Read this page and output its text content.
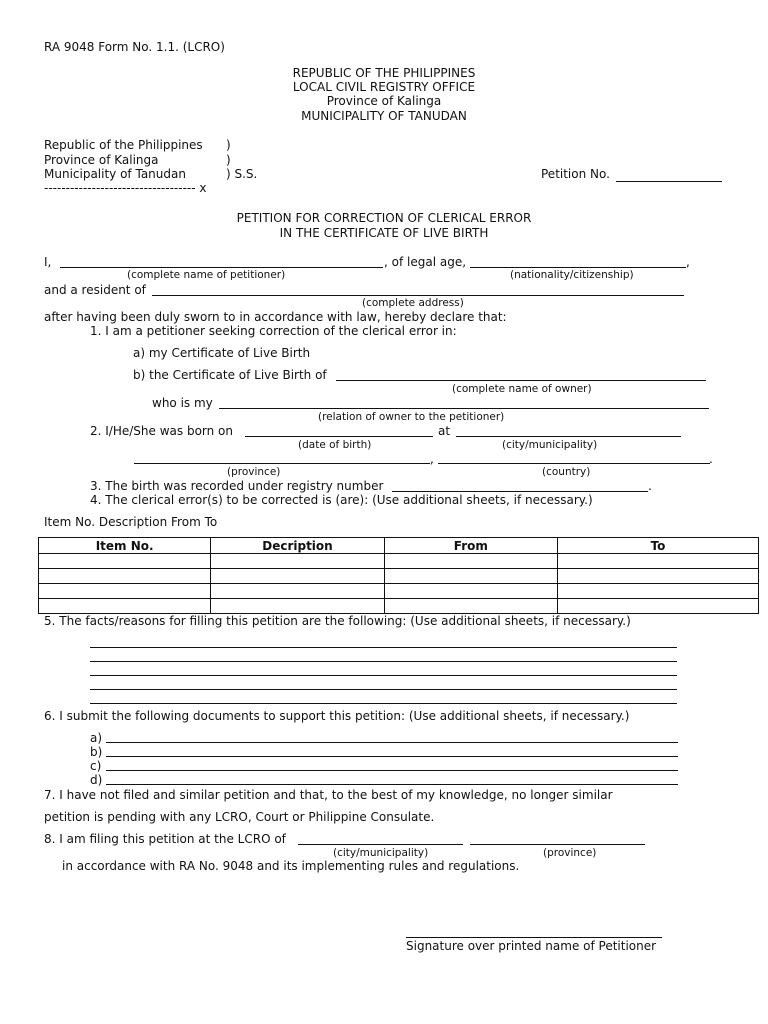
RA 9048 Form No. 1.1. (LCRO)
REPUBLIC OF THE PHILIPPINES
LOCAL CIVIL REGISTRY OFFICE
Province of Kalinga
MUNICIPALITY OF TANUDAN
Republic of the Philippines )
Province of Kalinga	)
Municipality of Tanudan	) S.S.
----------------------------------- x
Petition No.
PETITION FOR CORRECTION OF CLERICAL ERROR
IN THE CERTIFICATE OF LIVE BIRTH
I,	, of legal age,	,
(complete name of petitioner)	(nationality/citizenship)
and a resident of
(complete address)
after having been duly sworn to in accordance with law, hereby declare that:
1. I am a petitioner seeking correction of the clerical error in:
a) my Certificate of Live Birth
b) the Certificate of Live Birth of
(complete name of owner)
who is my
(relation of owner to the petitioner)
2. I/He/She was born on	at
(date of birth)	(city/municipality)
,	.
(province)	(country)
3. The birth was recorded under registry number	.
4. The clerical error(s) to be corrected is (are): (Use additional sheets, if necessary.)
Item No. Description From To
Item No.	Decription	From	To

5. The facts/reasons for filling this petition are the following: (Use additional sheets, if necessary.)
6. I submit the following documents to support this petition: (Use additional sheets, if necessary.)
a)
b)
c)
d)
7. I have not filed and similar petition and that, to the best of my knowledge, no longer similar
petition is pending with any LCRO, Court or Philippine Consulate.
8. I am filing this petition at the LCRO of
(city/municipality)	(province)
in accordance with RA No. 9048 and its implementing rules and regulations.
Signature over printed name of Petitioner
